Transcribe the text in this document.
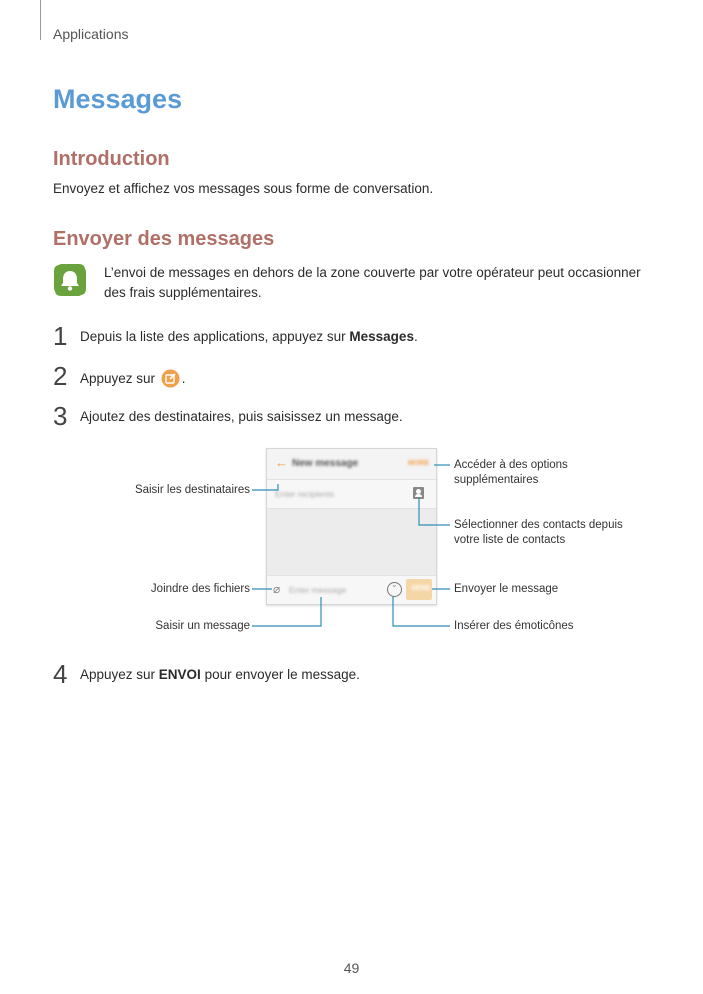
Applications
Messages
Introduction
Envoyez et affichez vos messages sous forme de conversation.
Envoyer des messages
L’envoi de messages en dehors de la zone couverte par votre opérateur peut occasionner des frais supplémentaires.
1 Depuis la liste des applications, appuyez sur Messages.
2 Appuyez sur .
3 Ajoutez des destinataires, puis saisissez un message.
← New message	MORE
Enter recipients
⌀ Enter message	˘	SEND
Accéder à des options supplémentaires
Sélectionner des contacts depuis votre liste de contacts
Envoyer le message
Insérer des émoticônes
Saisir les destinataires
Joindre des fichiers
Saisir un message
4 Appuyez sur ENVOI pour envoyer le message.
49
